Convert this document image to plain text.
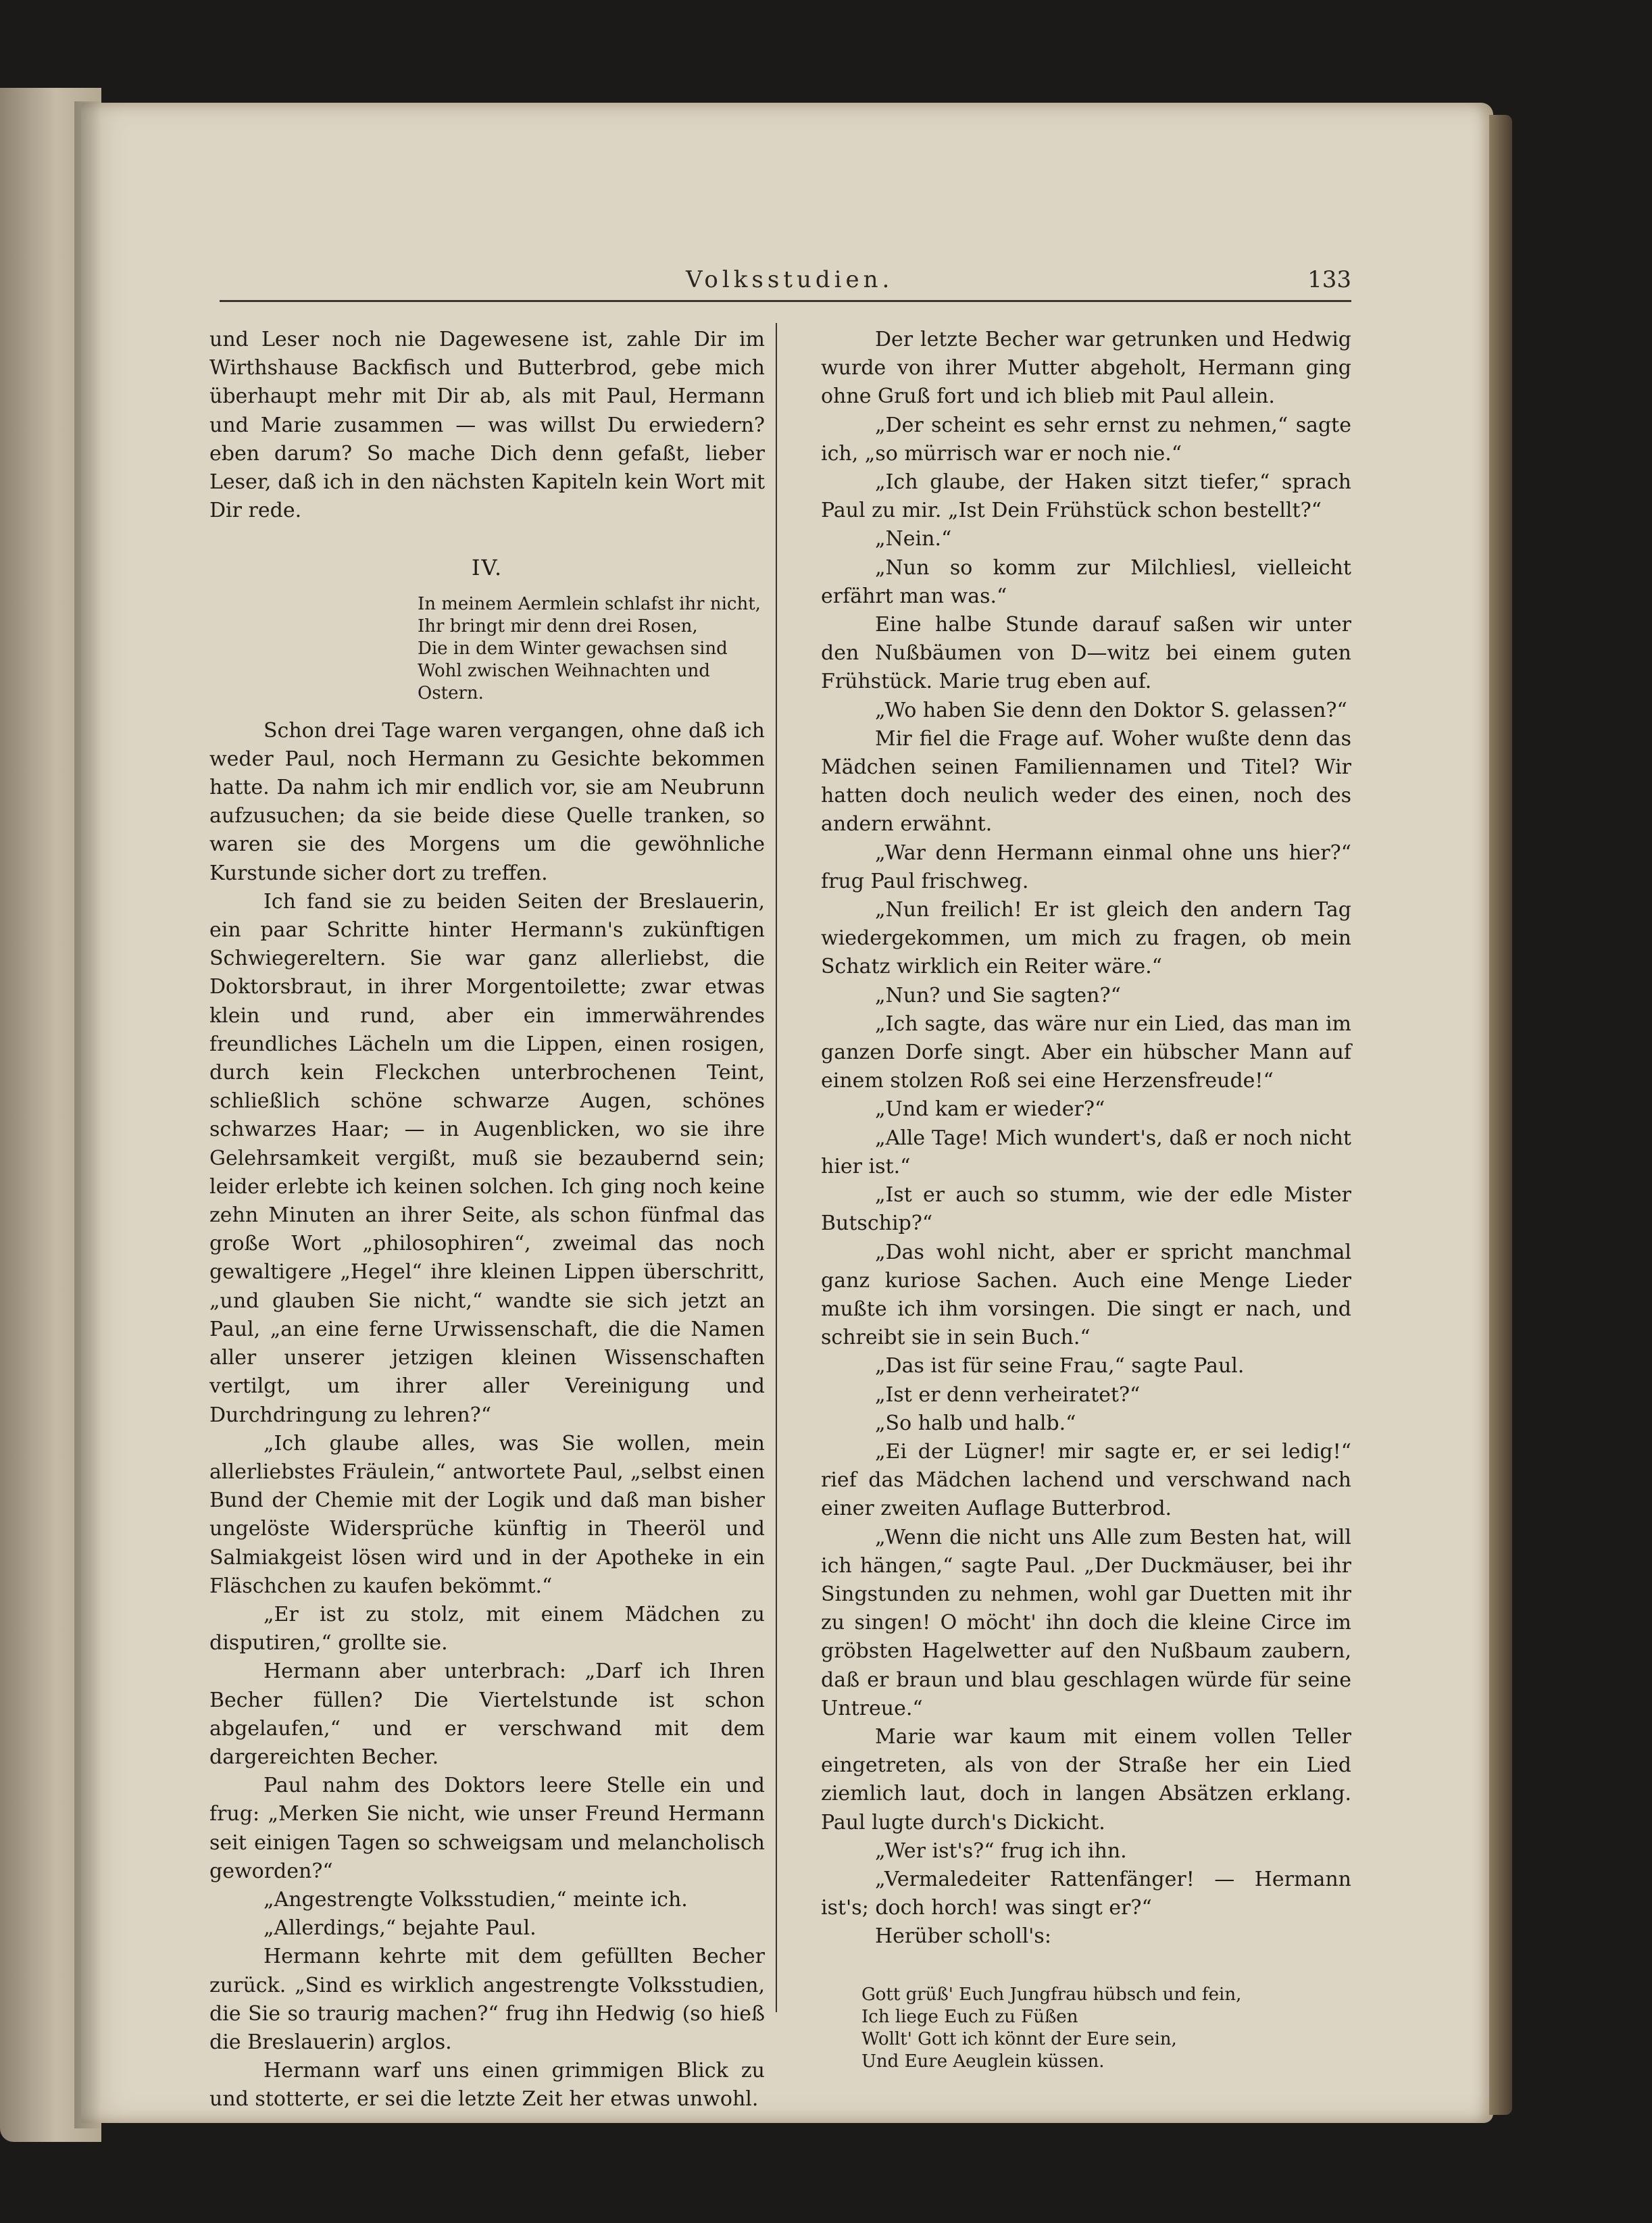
Volksstudien.	133

und Leser noch nie Dagewesene ist, zahle Dir im Wirthshause Backfisch und Butterbrod, gebe mich überhaupt mehr mit Dir ab, als mit Paul, Hermann und Marie zusammen — was willst Du erwiedern? eben darum? So mache Dich denn gefaßt, lieber Leser, daß ich in den nächsten Kapiteln kein Wort mit Dir rede.

IV.

In meinem Aermlein schlafst ihr nicht,
Ihr bringt mir denn drei Rosen,
Die in dem Winter gewachsen sind
Wohl zwischen Weihnachten und Ostern.

Schon drei Tage waren vergangen, ohne daß ich weder Paul, noch Hermann zu Gesichte bekommen hatte. Da nahm ich mir endlich vor, sie am Neubrunn aufzusuchen; da sie beide diese Quelle tranken, so waren sie des Morgens um die gewöhnliche Kurstunde sicher dort zu treffen.

Ich fand sie zu beiden Seiten der Breslauerin, ein paar Schritte hinter Hermann's zukünftigen Schwiegereltern. Sie war ganz allerliebst, die Doktorsbraut, in ihrer Morgentoilette; zwar etwas klein und rund, aber ein immerwährendes freundliches Lächeln um die Lippen, einen rosigen, durch kein Fleckchen unterbrochenen Teint, schließlich schöne schwarze Augen, schönes schwarzes Haar; — in Augenblicken, wo sie ihre Gelehrsamkeit vergißt, muß sie bezaubernd sein; leider erlebte ich keinen solchen. Ich ging noch keine zehn Minuten an ihrer Seite, als schon fünfmal das große Wort „philosophiren“, zweimal das noch gewaltigere „Hegel“ ihre kleinen Lippen überschritt, „und glauben Sie nicht,“ wandte sie sich jetzt an Paul, „an eine ferne Urwissenschaft, die die Namen aller unserer jetzigen kleinen Wissenschaften vertilgt, um ihrer aller Vereinigung und Durchdringung zu lehren?“

„Ich glaube alles, was Sie wollen, mein allerliebstes Fräulein,“ antwortete Paul, „selbst einen Bund der Chemie mit der Logik und daß man bisher ungelöste Widersprüche künftig in Theeröl und Salmiakgeist lösen wird und in der Apotheke in ein Fläschchen zu kaufen bekömmt.“

„Er ist zu stolz, mit einem Mädchen zu disputiren,“ grollte sie.

Hermann aber unterbrach: „Darf ich Ihren Becher füllen? Die Viertelstunde ist schon abgelaufen,“ und er verschwand mit dem dargereichten Becher.

Paul nahm des Doktors leere Stelle ein und frug: „Merken Sie nicht, wie unser Freund Hermann seit einigen Tagen so schweigsam und melancholisch geworden?“

„Angestrengte Volksstudien,“ meinte ich.

„Allerdings,“ bejahte Paul.

Hermann kehrte mit dem gefüllten Becher zurück. „Sind es wirklich angestrengte Volksstudien, die Sie so traurig machen?“ frug ihn Hedwig (so hieß die Breslauerin) arglos.

Hermann warf uns einen grimmigen Blick zu und stotterte, er sei die letzte Zeit her etwas unwohl.

Der letzte Becher war getrunken und Hedwig wurde von ihrer Mutter abgeholt, Hermann ging ohne Gruß fort und ich blieb mit Paul allein.

„Der scheint es sehr ernst zu nehmen,“ sagte ich, „so mürrisch war er noch nie.“

„Ich glaube, der Haken sitzt tiefer,“ sprach Paul zu mir. „Ist Dein Frühstück schon bestellt?“

„Nein.“

„Nun so komm zur Milchliesl, vielleicht erfährt man was.“

Eine halbe Stunde darauf saßen wir unter den Nußbäumen von D—witz bei einem guten Frühstück. Marie trug eben auf.

„Wo haben Sie denn den Doktor S. gelassen?“

Mir fiel die Frage auf. Woher wußte denn das Mädchen seinen Familiennamen und Titel? Wir hatten doch neulich weder des einen, noch des andern erwähnt.

„War denn Hermann einmal ohne uns hier?“ frug Paul frischweg.

„Nun freilich! Er ist gleich den andern Tag wiedergekommen, um mich zu fragen, ob mein Schatz wirklich ein Reiter wäre.“

„Nun? und Sie sagten?“

„Ich sagte, das wäre nur ein Lied, das man im ganzen Dorfe singt. Aber ein hübscher Mann auf einem stolzen Roß sei eine Herzensfreude!“

„Und kam er wieder?“

„Alle Tage! Mich wundert's, daß er noch nicht hier ist.“

„Ist er auch so stumm, wie der edle Mister Butschip?“

„Das wohl nicht, aber er spricht manchmal ganz kuriose Sachen. Auch eine Menge Lieder mußte ich ihm vorsingen. Die singt er nach, und schreibt sie in sein Buch.“

„Das ist für seine Frau,“ sagte Paul.

„Ist er denn verheiratet?“

„So halb und halb.“

„Ei der Lügner! mir sagte er, er sei ledig!“ rief das Mädchen lachend und verschwand nach einer zweiten Auflage Butterbrod.

„Wenn die nicht uns Alle zum Besten hat, will ich hängen,“ sagte Paul. „Der Duckmäuser, bei ihr Singstunden zu nehmen, wohl gar Duetten mit ihr zu singen! O möcht' ihn doch die kleine Circe im gröbsten Hagelwetter auf den Nußbaum zaubern, daß er braun und blau geschlagen würde für seine Untreue.“

Marie war kaum mit einem vollen Teller eingetreten, als von der Straße her ein Lied ziemlich laut, doch in langen Absätzen erklang. Paul lugte durch's Dickicht.

„Wer ist's?“ frug ich ihn.

„Vermaledeiter Rattenfänger! — Hermann ist's; doch horch! was singt er?“

Herüber scholl's:

Gott grüß' Euch Jungfrau hübsch und fein,
Ich liege Euch zu Füßen
Wollt' Gott ich könnt der Eure sein,
Und Eure Aeuglein küssen.
